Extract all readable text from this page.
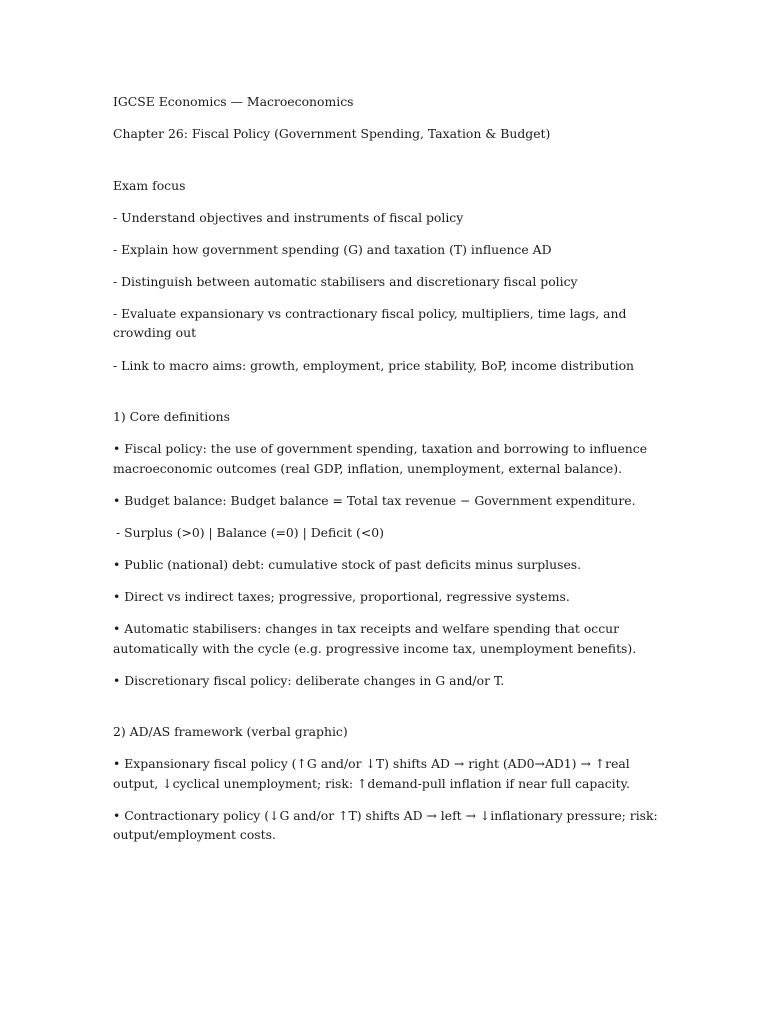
IGCSE Economics — Macroeconomics

Chapter 26: Fiscal Policy (Government Spending, Taxation & Budget)

Exam focus

- Understand objectives and instruments of fiscal policy

- Explain how government spending (G) and taxation (T) influence AD

- Distinguish between automatic stabilisers and discretionary fiscal policy

- Evaluate expansionary vs contractionary fiscal policy, multipliers, time lags, and crowding out

- Link to macro aims: growth, employment, price stability, BoP, income distribution

1) Core definitions

• Fiscal policy: the use of government spending, taxation and borrowing to influence macroeconomic outcomes (real GDP, inflation, unemployment, external balance).

• Budget balance: Budget balance = Total tax revenue − Government expenditure.

- Surplus (>0) | Balance (=0) | Deficit (<0)

• Public (national) debt: cumulative stock of past deficits minus surpluses.

• Direct vs indirect taxes; progressive, proportional, regressive systems.

• Automatic stabilisers: changes in tax receipts and welfare spending that occur automatically with the cycle (e.g. progressive income tax, unemployment benefits).

• Discretionary fiscal policy: deliberate changes in G and/or T.

2) AD/AS framework (verbal graphic)

• Expansionary fiscal policy (↑G and/or ↓T) shifts AD → right (AD0→AD1) → ↑real output, ↓cyclical unemployment; risk: ↑demand-pull inflation if near full capacity.

• Contractionary policy (↓G and/or ↑T) shifts AD → left → ↓inflationary pressure; risk: output/employment costs.
